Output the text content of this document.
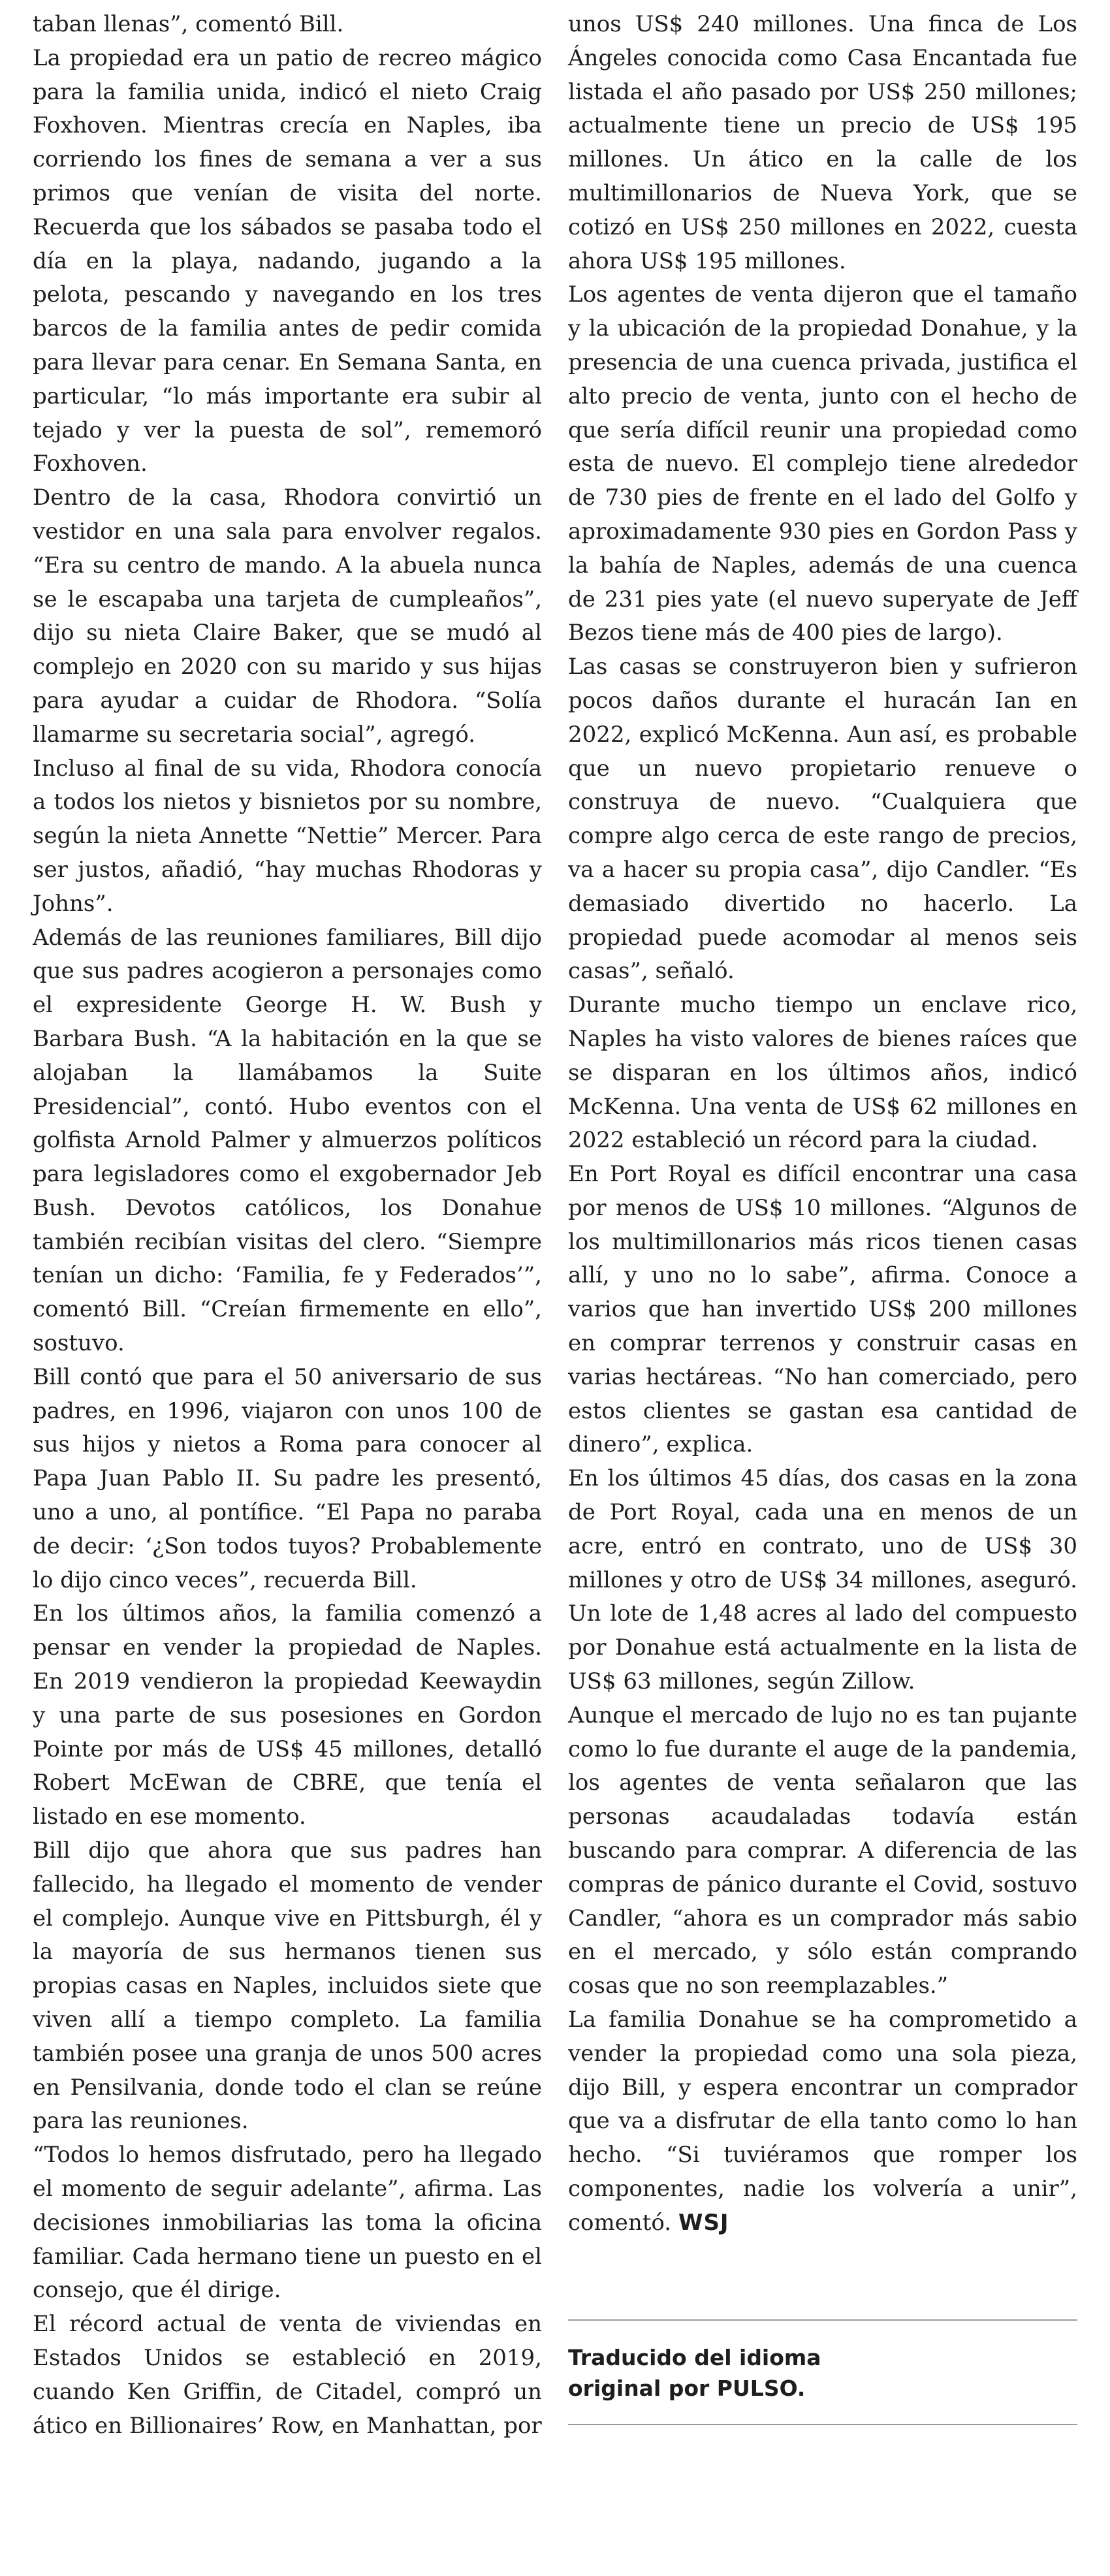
taban llenas”, comentó Bill.

La propiedad era un patio de recreo mágico para la familia unida, indicó el nieto Craig Foxhoven. Mientras crecía en Naples, iba corriendo los fines de semana a ver a sus primos que venían de visita del norte. Recuerda que los sábados se pasaba todo el día en la playa, nadando, jugando a la pelota, pescando y navegando en los tres barcos de la familia antes de pedir comida para llevar para cenar. En Semana Santa, en particular, “lo más importante era subir al tejado y ver la puesta de sol”, rememoró Foxhoven.

Dentro de la casa, Rhodora convirtió un vestidor en una sala para envolver regalos. “Era su centro de mando. A la abuela nunca se le escapaba una tarjeta de cumpleaños”, dijo su nieta Claire Baker, que se mudó al complejo en 2020 con su marido y sus hijas para ayudar a cuidar de Rhodora. “Solía llamarme su secretaria social”, agregó.

Incluso al final de su vida, Rhodora conocía a todos los nietos y bisnietos por su nombre, según la nieta Annette “Nettie” Mercer. Para ser justos, añadió, “hay muchas Rhodoras y Johns”.

Además de las reuniones familiares, Bill dijo que sus padres acogieron a personajes como el expresidente George H. W. Bush y Barbara Bush. “A la habitación en la que se alojaban la llamábamos la Suite Presidencial”, contó. Hubo eventos con el golfista Arnold Palmer y almuerzos políticos para legisladores como el exgobernador Jeb Bush. Devotos católicos, los Donahue también recibían visitas del clero. “Siempre tenían un dicho: ‘Familia, fe y Federados’”, comentó Bill. “Creían firmemente en ello”, sostuvo.

Bill contó que para el 50 aniversario de sus padres, en 1996, viajaron con unos 100 de sus hijos y nietos a Roma para conocer al Papa Juan Pablo II. Su padre les presentó, uno a uno, al pontífice. “El Papa no paraba de decir: ‘¿Son todos tuyos? Probablemente lo dijo cinco veces”, recuerda Bill.

En los últimos años, la familia comenzó a pensar en vender la propiedad de Naples. En 2019 vendieron la propiedad Keewaydin y una parte de sus posesiones en Gordon Pointe por más de US$ 45 millones, detalló Robert McEwan de CBRE, que tenía el listado en ese momento.

Bill dijo que ahora que sus padres han fallecido, ha llegado el momento de vender el complejo. Aunque vive en Pittsburgh, él y la mayoría de sus hermanos tienen sus propias casas en Naples, incluidos siete que viven allí a tiempo completo. La familia también posee una granja de unos 500 acres en Pensilvania, donde todo el clan se reúne para las reuniones.

“Todos lo hemos disfrutado, pero ha llegado el momento de seguir adelante”, afirma. Las decisiones inmobiliarias las toma la oficina familiar. Cada hermano tiene un puesto en el consejo, que él dirige.

El récord actual de venta de viviendas en Estados Unidos se estableció en 2019, cuando Ken Griffin, de Citadel, compró un ático en Billionaires’ Row, en Manhattan, por

unos US$ 240 millones. Una finca de Los Ángeles conocida como Casa Encantada fue listada el año pasado por US$ 250 millones; actualmente tiene un precio de US$ 195 millones. Un ático en la calle de los multimillonarios de Nueva York, que se cotizó en US$ 250 millones en 2022, cuesta ahora US$ 195 millones.

Los agentes de venta dijeron que el tamaño y la ubicación de la propiedad Donahue, y la presencia de una cuenca privada, justifica el alto precio de venta, junto con el hecho de que sería difícil reunir una propiedad como esta de nuevo. El complejo tiene alrededor de 730 pies de frente en el lado del Golfo y aproximadamente 930 pies en Gordon Pass y la bahía de Naples, además de una cuenca de 231 pies yate (el nuevo superyate de Jeff Bezos tiene más de 400 pies de largo).

Las casas se construyeron bien y sufrieron pocos daños durante el huracán Ian en 2022, explicó McKenna. Aun así, es probable que un nuevo propietario renueve o construya de nuevo. “Cualquiera que compre algo cerca de este rango de precios, va a hacer su propia casa”, dijo Candler. “Es demasiado divertido no hacerlo. La propiedad puede acomodar al menos seis casas”, señaló.

Durante mucho tiempo un enclave rico, Naples ha visto valores de bienes raíces que se disparan en los últimos años, indicó McKenna. Una venta de US$ 62 millones en 2022 estableció un récord para la ciudad.

En Port Royal es difícil encontrar una casa por menos de US$ 10 millones. “Algunos de los multimillonarios más ricos tienen casas allí, y uno no lo sabe”, afirma. Conoce a varios que han invertido US$ 200 millones en comprar terrenos y construir casas en varias hectáreas. “No han comerciado, pero estos clientes se gastan esa cantidad de dinero”, explica.

En los últimos 45 días, dos casas en la zona de Port Royal, cada una en menos de un acre, entró en contrato, uno de US$ 30 millones y otro de US$ 34 millones, aseguró. Un lote de 1,48 acres al lado del compuesto por Donahue está actualmente en la lista de US$ 63 millones, según Zillow.

Aunque el mercado de lujo no es tan pujante como lo fue durante el auge de la pandemia, los agentes de venta señalaron que las personas acaudaladas todavía están buscando para comprar. A diferencia de las compras de pánico durante el Covid, sostuvo Candler, “ahora es un comprador más sabio en el mercado, y sólo están comprando cosas que no son reemplazables.”

La familia Donahue se ha comprometido a vender la propiedad como una sola pieza, dijo Bill, y espera encontrar un comprador que va a disfrutar de ella tanto como lo han hecho. “Si tuviéramos que romper los componentes, nadie los volvería a unir”, comentó. WSJ

Traducido del idioma
original por PULSO.
